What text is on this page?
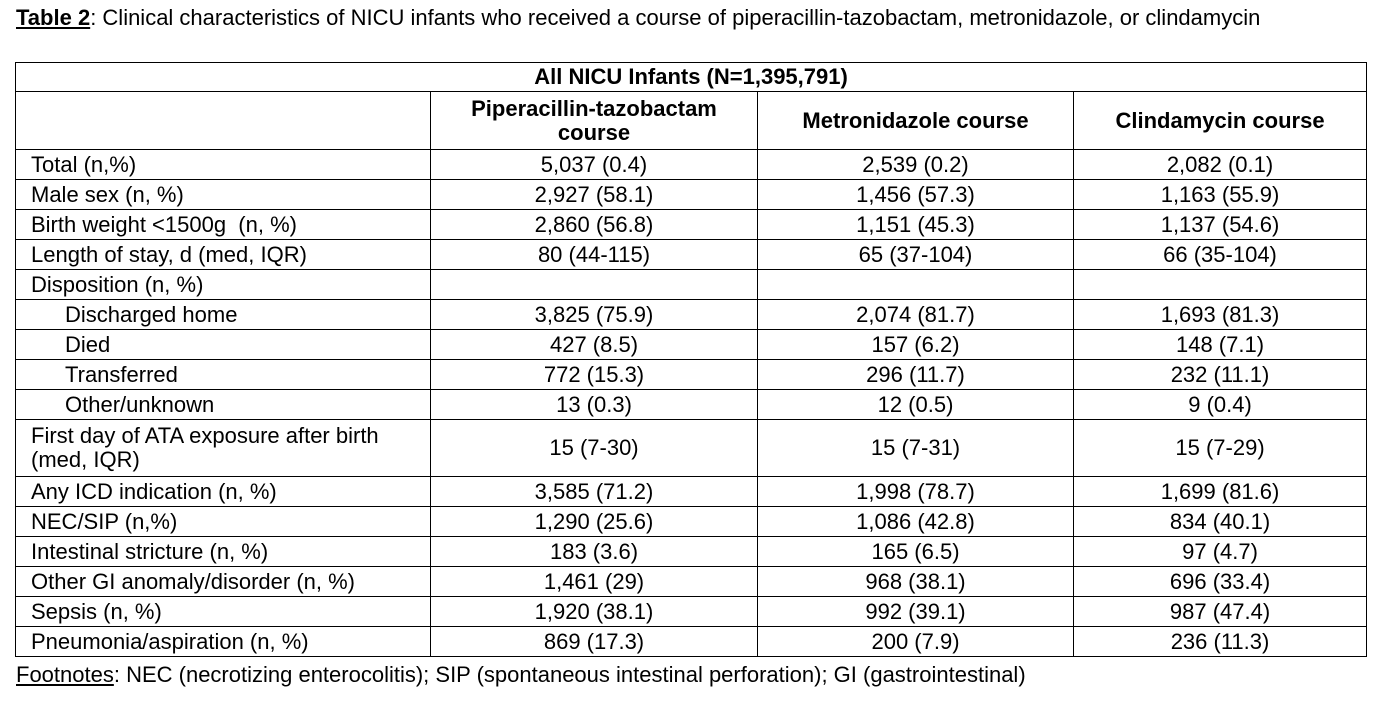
Table 2: Clinical characteristics of NICU infants who received a course of piperacillin-tazobactam, metronidazole, or clindamycin

All NICU Infants (N=1,395,791)			
	Piperacillin-tazobactam course	Metronidazole course	Clindamycin course
Total (n,%)	5,037 (0.4)	2,539 (0.2)	2,082 (0.1)
Male sex (n, %)	2,927 (58.1)	1,456 (57.3)	1,163 (55.9)
Birth weight <1500g  (n, %)	2,860 (56.8)	1,151 (45.3)	1,137 (54.6)
Length of stay, d (med, IQR)	80 (44-115)	65 (37-104)	66 (35-104)
Disposition (n, %)			
Discharged home	3,825 (75.9)	2,074 (81.7)	1,693 (81.3)
Died	427 (8.5)	157 (6.2)	148 (7.1)
Transferred	772 (15.3)	296 (11.7)	232 (11.1)
Other/unknown	13 (0.3)	12 (0.5)	9 (0.4)
First day of ATA exposure after birth (med, IQR)	15 (7-30)	15 (7-31)	15 (7-29)
Any ICD indication (n, %)	3,585 (71.2)	1,998 (78.7)	1,699 (81.6)
NEC/SIP (n,%)	1,290 (25.6)	1,086 (42.8)	834 (40.1)
Intestinal stricture (n, %)	183 (3.6)	165 (6.5)	97 (4.7)
Other GI anomaly/disorder (n, %)	1,461 (29)	968 (38.1)	696 (33.4)
Sepsis (n, %)	1,920 (38.1)	992 (39.1)	987 (47.4)
Pneumonia/aspiration (n, %)	869 (17.3)	200 (7.9)	236 (11.3)

Footnotes: NEC (necrotizing enterocolitis); SIP (spontaneous intestinal perforation); GI (gastrointestinal)
